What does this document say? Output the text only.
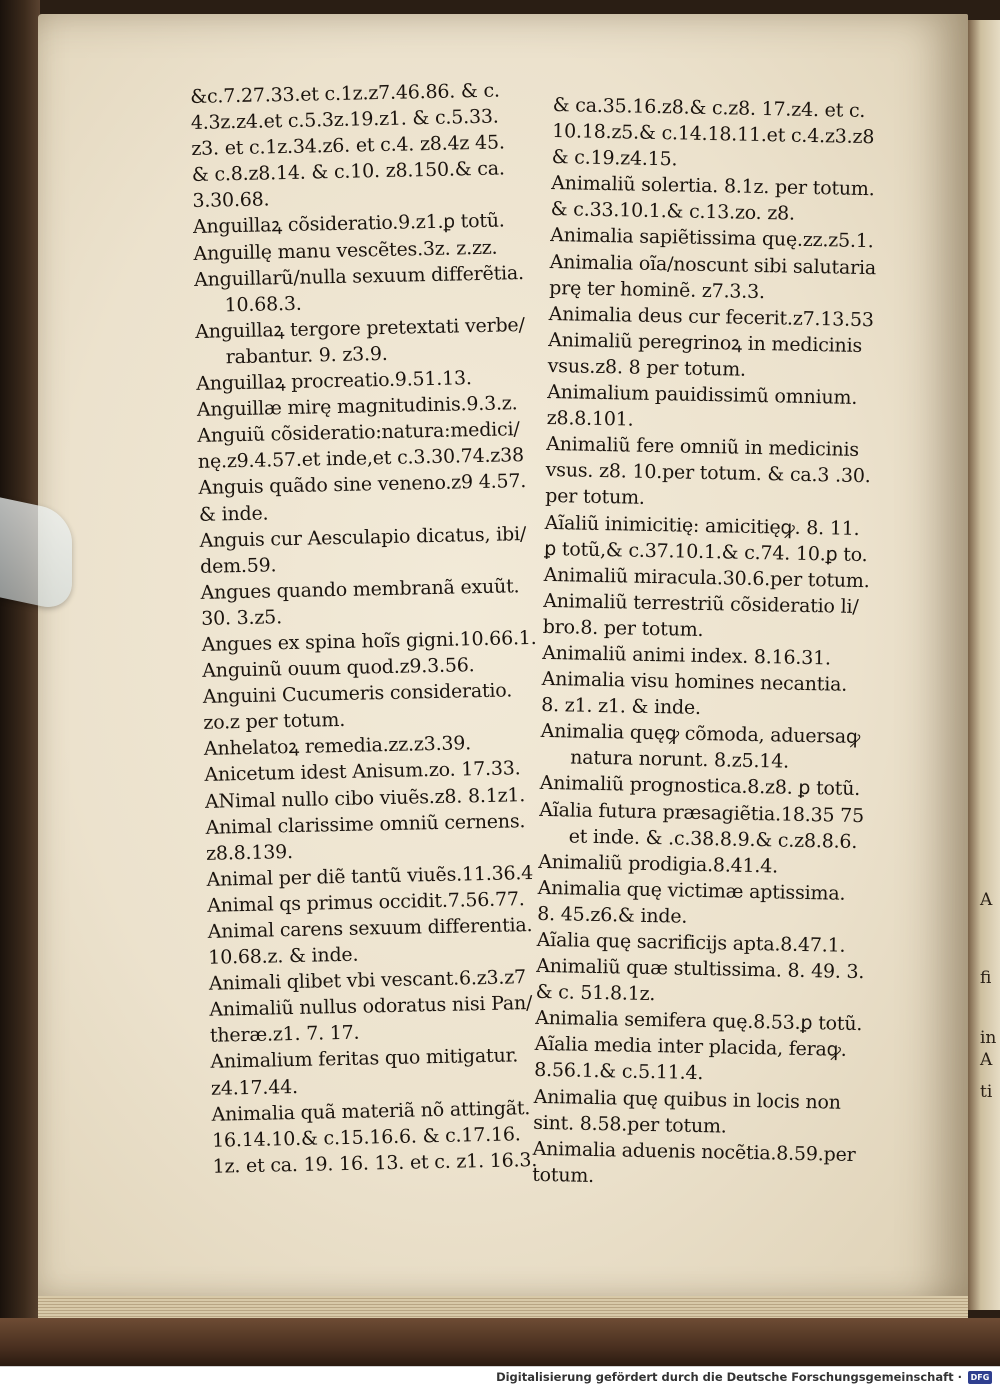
A
fi
in
A
ti
&c.7.27.33.et c.1z.z7.46.86. & c.
4.3z.z4.et c.5.3z.19.z1. & c.5.33.
z3. et c.1z.34.z6. et c.4. z8.4z 45.
& c.8.z8.14. & c.10. z8.150.& ca.
3.30.68.
Anguillaꝝ cõsideratio.9.z1.ꝑ totũ.
Anguillę manu vescẽtes.3z. z.zz.
Anguillarũ/nulla sexuum differẽtia.
10.68.3.
Anguillaꝝ tergore pretextati verbe/
rabantur. 9. z3.9.
Anguillaꝝ procreatio.9.51.13.
Anguillæ mirę magnitudinis.9.3.z.
Anguiũ cõsideratio:natura:medici/
nę.z9.4.57.et inde,et c.3.30.74.z38
Anguis quãdo sine veneno.z9 4.57.
& inde.
Anguis cur Aesculapio dicatus, ibi/
dem.59.
Angues quando membranã exuũt.
30. 3.z5.
Angues ex spina hoĩs gigni.10.66.1.
Anguinũ ouum quod.z9.3.56.
Anguini Cucumeris consideratio.
zo.z per totum.
Anhelatoꝝ remedia.zz.z3.39.
Anicetum idest Anisum.zo. 17.33.
ANimal nullo cibo viuẽs.z8. 8.1z1.
Animal clarissime omniũ cernens.
z8.8.139.
Animal per diẽ tantũ viuẽs.11.36.4
Animal qs primus occidit.7.56.77.
Animal carens sexuum differentia.
10.68.z. & inde.
Animali qlibet vbi vescant.6.z3.z7
Animaliũ nullus odoratus nisi Pan/
theræ.z1. 7. 17.
Animalium feritas quo mitigatur.
z4.17.44.
Animalia quã materiã nõ attingãt.
16.14.10.& c.15.16.6. & c.17.16.
1z. et ca. 19. 16. 13. et c. z1. 16.3.
& ca.35.16.z8.& c.z8. 17.z4. et c.
10.18.z5.& c.14.18.11.et c.4.z3.z8
& c.19.z4.15.
Animaliũ solertia. 8.1z. per totum.
& c.33.10.1.& c.13.zo. z8.
Animalia sapiẽtissima quę.zz.z5.1.
Animalia oĩa/noscunt sibi salutaria
prę ter hominẽ. z7.3.3.
Animalia deus cur fecerit.z7.13.53
Animaliũ peregrinoꝝ in medicinis
vsus.z8. 8 per totum.
Animalium pauidissimũ omnium.
z8.8.101.
Animaliũ fere omniũ in medicinis
vsus. z8. 10.per totum. & ca.3 .30.
per totum.
Aĩaliũ inimicitię: amicitięꝙ. 8. 11.
ꝑ totũ,& c.37.10.1.& c.74. 10.ꝑ to.
Animaliũ miracula.30.6.per totum.
Animaliũ terrestriũ cõsideratio li/
bro.8. per totum.
Animaliũ animi index. 8.16.31.
Animalia visu homines necantia.
8. z1. z1. & inde.
Animalia quęꝙ cõmoda, aduersaꝙ
natura norunt. 8.z5.14.
Animaliũ prognostica.8.z8. ꝑ totũ.
Aĩalia futura præsagiẽtia.18.35 75
et inde. & .c.38.8.9.& c.z8.8.6.
Animaliũ prodigia.8.41.4.
Animalia quę victimæ aptissima.
8. 45.z6.& inde.
Aĩalia quę sacrificijs apta.8.47.1.
Animaliũ quæ stultissima. 8. 49. 3.
& c. 51.8.1z.
Animalia semifera quę.8.53.ꝑ totũ.
Aĩalia media inter placida, feraꝙ.
8.56.1.& c.5.11.4.
Animalia quę quibus in locis non
sint. 8.58.per totum.
Animalia aduenis nocẽtia.8.59.per
totum.
Digitalisierung gefördert durch die Deutsche Forschungsgemeinschaft ·	DFG
